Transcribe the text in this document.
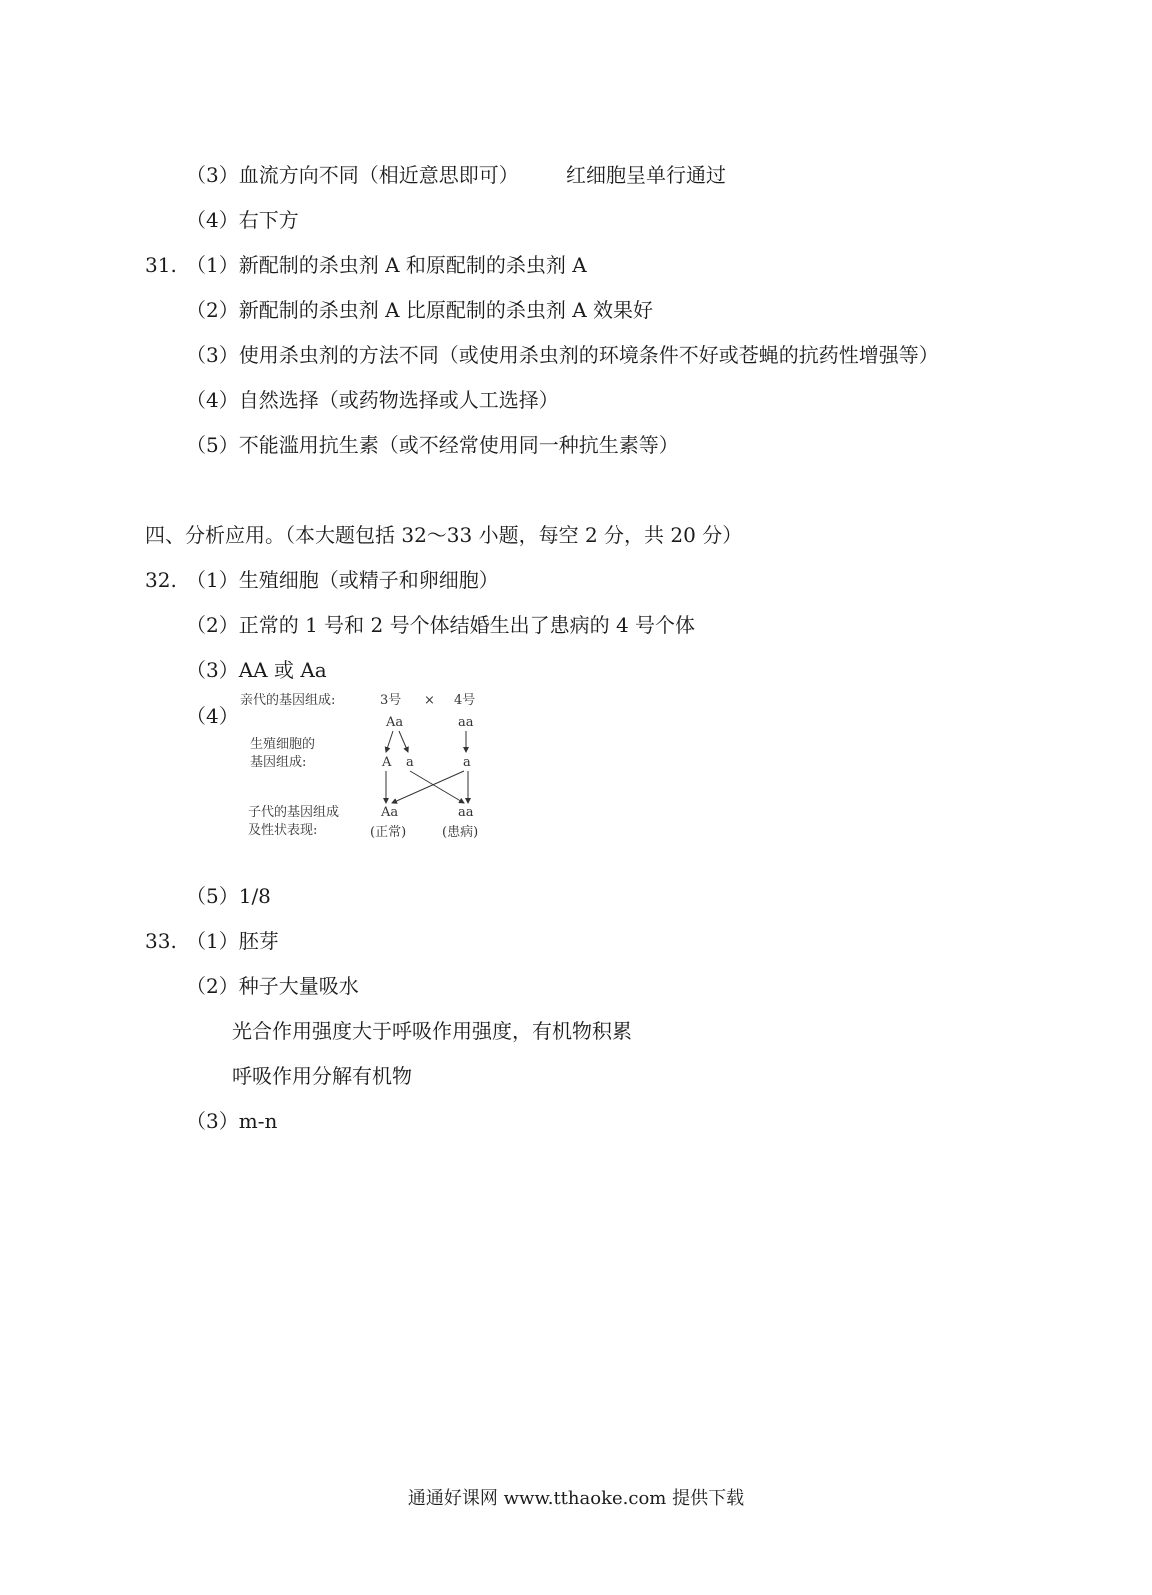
（3）血流方向不同（相近意思即可） 红细胞呈单行通过
（4）右下方
31. （1）新配制的杀虫剂 A 和原配制的杀虫剂 A
（2）新配制的杀虫剂 A 比原配制的杀虫剂 A 效果好
（3）使用杀虫剂的方法不同（或使用杀虫剂的环境条件不好或苍蝇的抗药性增强等）
（4）自然选择（或药物选择或人工选择）
（5）不能滥用抗生素（或不经常使用同一种抗生素等）
四、分析应用。（本大题包括 32～33 小题，每空 2 分，共 20 分）
32. （1）生殖细胞（或精子和卵细胞）
（2）正常的 1 号和 2 号个体结婚生出了患病的 4 号个体
（3）AA 或 Aa
（4）
亲代的基因组成:	3号 × 4号
Aa	aa
生殖细胞的
基因组成:	A a	a
子代的基因组成
及性状表现:
Aa	aa
(正常)	(患病)
（5）1/8
33. （1）胚芽
（2）种子大量吸水
光合作用强度大于呼吸作用强度，有机物积累
呼吸作用分解有机物
（3）m-n
通通好课网 www.tthaoke.com 提供下载
